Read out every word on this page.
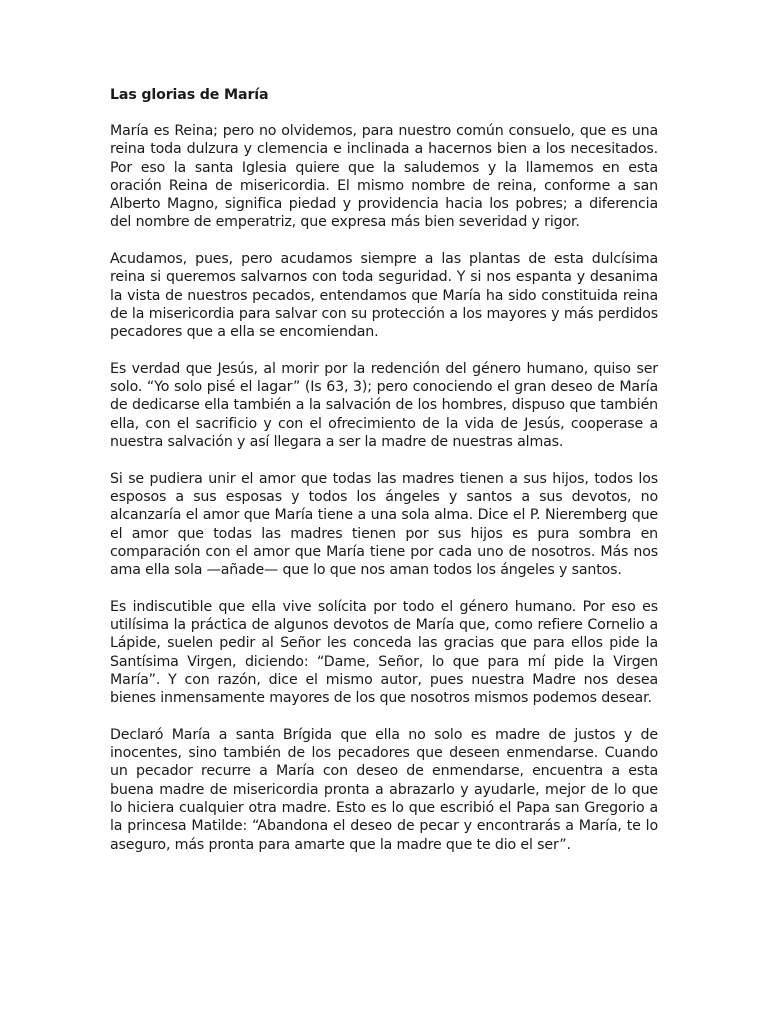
Las glorias de María

María es Reina; pero no olvidemos, para nuestro común consuelo, que es una reina toda dulzura y clemencia e inclinada a hacernos bien a los necesitados. Por eso la santa Iglesia quiere que la saludemos y la llamemos en esta oración Reina de misericordia. El mismo nombre de reina, conforme a san Alberto Magno, significa piedad y providencia hacia los pobres; a diferencia del nombre de emperatriz, que expresa más bien severidad y rigor.

Acudamos, pues, pero acudamos siempre a las plantas de esta dulcísima reina si queremos salvarnos con toda seguridad. Y si nos espanta y desanima la vista de nuestros pecados, entendamos que María ha sido constituida reina de la misericordia para salvar con su protección a los mayores y más perdidos pecadores que a ella se encomiendan.

Es verdad que Jesús, al morir por la redención del género humano, quiso ser solo. “Yo solo pisé el lagar” (Is 63, 3); pero conociendo el gran deseo de María de dedicarse ella también a la salvación de los hombres, dispuso que también ella, con el sacrificio y con el ofrecimiento de la vida de Jesús, cooperase a nuestra salvación y así llegara a ser la madre de nuestras almas.

Si se pudiera unir el amor que todas las madres tienen a sus hijos, todos los esposos a sus esposas y todos los ángeles y santos a sus devotos, no alcanzaría el amor que María tiene a una sola alma. Dice el P. Nieremberg que el amor que todas las madres tienen por sus hijos es pura sombra en comparación con el amor que María tiene por cada uno de nosotros. Más nos ama ella sola —añade— que lo que nos aman todos los ángeles y santos.

Es indiscutible que ella vive solícita por todo el género humano. Por eso es utilísima la práctica de algunos devotos de María que, como refiere Cornelio a Lápide, suelen pedir al Señor les conceda las gracias que para ellos pide la Santísima Virgen, diciendo: “Dame, Señor, lo que para mí pide la Virgen María”. Y con razón, dice el mismo autor, pues nuestra Madre nos desea bienes inmensamente mayores de los que nosotros mismos podemos desear.

Declaró María a santa Brígida que ella no solo es madre de justos y de inocentes, sino también de los pecadores que deseen enmendarse. Cuando un pecador recurre a María con deseo de enmendarse, encuentra a esta buena madre de misericordia pronta a abrazarlo y ayudarle, mejor de lo que lo hiciera cualquier otra madre. Esto es lo que escribió el Papa san Gregorio a la princesa Matilde: “Abandona el deseo de pecar y encontrarás a María, te lo aseguro, más pronta para amarte que la madre que te dio el ser”.
